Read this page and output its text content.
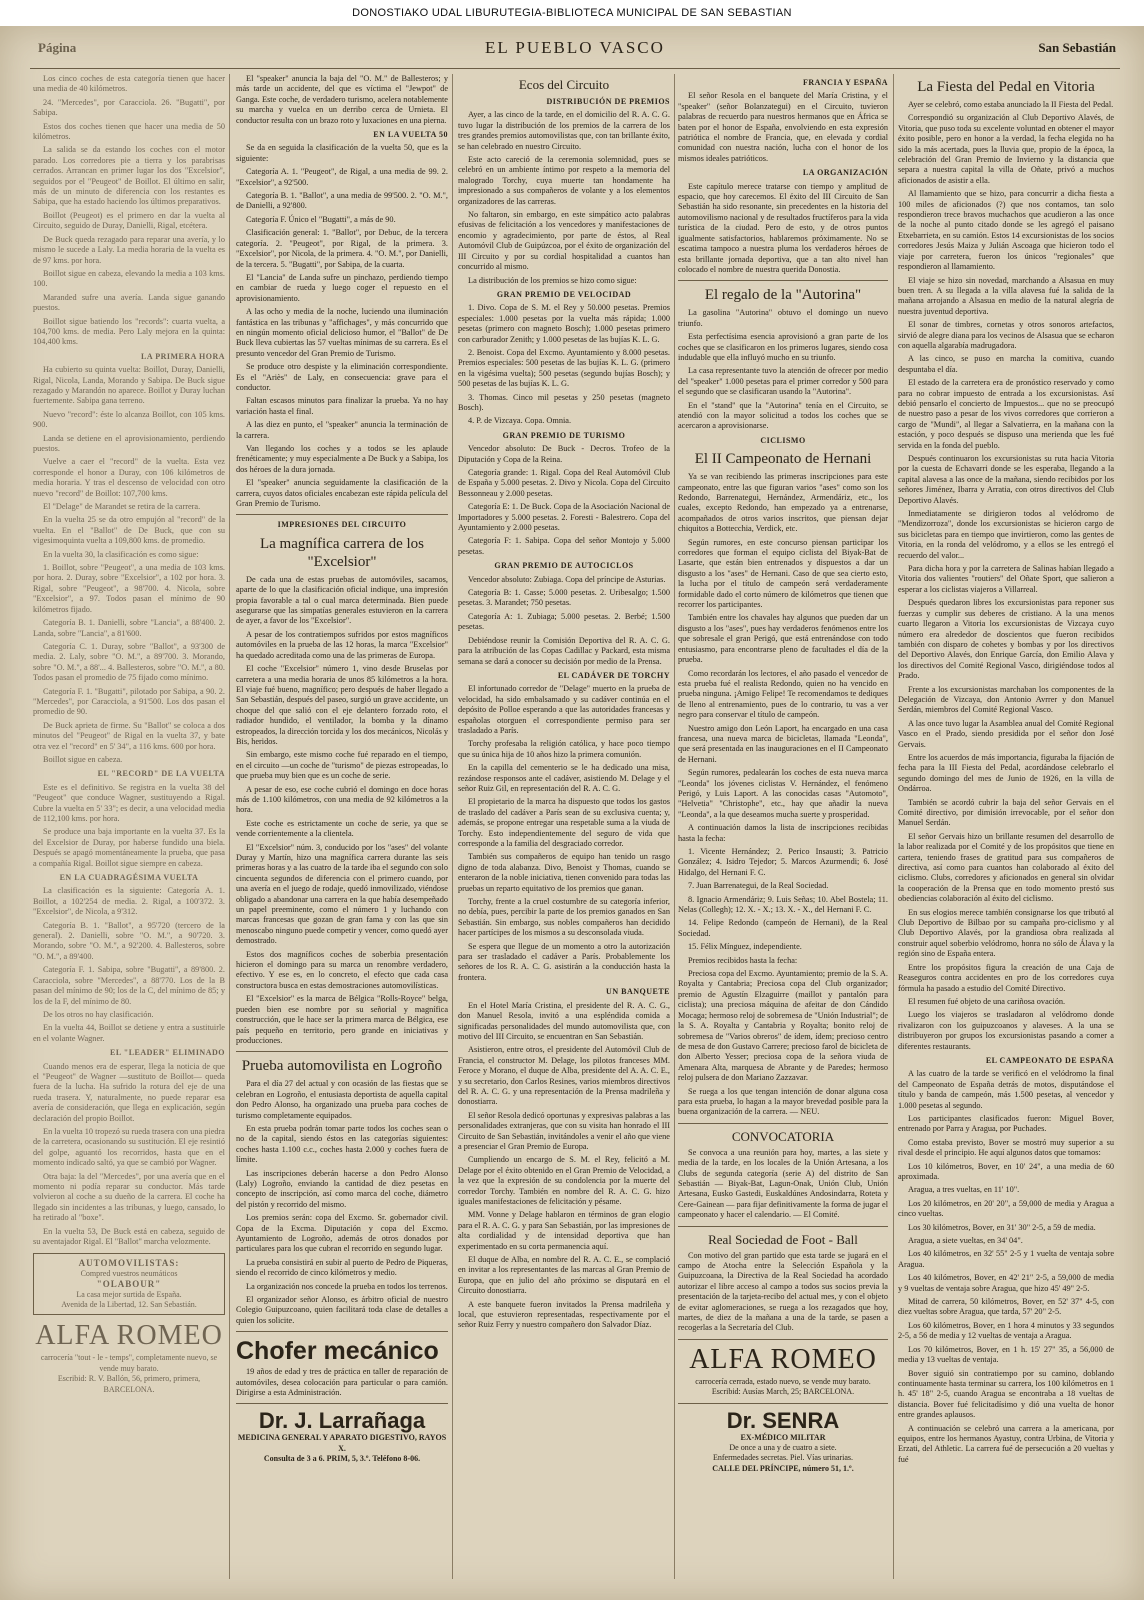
DONOSTIAKO UDAL LIBURUTEGIA-BIBLIOTECA MUNICIPAL DE SAN SEBASTIAN
Página	EL PUEBLO VASCO	San Sebastián

Los cinco coches de esta categoría tienen que hacer una media de 40 kilómetros.

24. "Mercedes", por Caracciola. 26. "Bugatti", por Sabipa.

Estos dos coches tienen que hacer una media de 50 kilómetros.

La salida se da estando los coches con el motor parado. Los corredores pie a tierra y los parabrisas cerrados. Arrancan en primer lugar los dos "Excelsior", seguidos por el "Peugeot" de Boillot. El último en salir, más de un minuto de diferencia con los restantes es Sabipa, que ha estado haciendo los últimos preparativos.

Boillot (Peugeot) es el primero en dar la vuelta al Circuito, seguido de Duray, Danielli, Rigal, etcétera.

De Buck queda rezagado para reparar una avería, y lo mismo le sucede a Laly. La media horaria de la vuelta es de 97 kms. por hora.

Boillot sigue en cabeza, elevando la media a 103 kms. 100.

Maranded sufre una avería. Landa sigue ganando puestos.

Boillot sigue batiendo los "records": cuarta vuelta, a 104,700 kms. de media. Pero Laly mejora en la quinta: 104,400 kms.

LA PRIMERA HORA

Ha cubierto su quinta vuelta: Boillot, Duray, Danielli, Rigal, Nicola, Landa, Morando y Sabipa. De Buck sigue rezagado y Marandón no aparece. Boillot y Duray luchan fuertemente. Sabipa gana terreno.

Nuevo "record": éste lo alcanza Boillot, con 105 kms. 900.

Landa se detiene en el aprovisionamiento, perdiendo puestos.

Vuelve a caer el "record" de la vuelta. Esta vez corresponde el honor a Duray, con 106 kilómetros de media horaria. Y tras el descenso de velocidad con otro nuevo "record" de Boillot: 107,700 kms.

El "Delage" de Marandet se retira de la carrera.

En la vuelta 25 se da otro empujón al "record" de la vuelta. En el "Ballot" de De Buck, que con su vigesimoquinta vuelta a 109,800 kms. de promedio.

En la vuelta 30, la clasificación es como sigue:

1. Boillot, sobre "Peugeot", a una media de 103 kms. por hora. 2. Duray, sobre "Excelsior", a 102 por hora. 3. Rigal, sobre "Peugeot", a 98'700. 4. Nicola, sobre "Excelsior", a 97. Todos pasan el mínimo de 90 kilómetros fijado.

Categoría B. 1. Danielli, sobre "Lancia", a 88'400. 2. Landa, sobre "Lancia", a 81'600.

Categoría C. 1. Duray, sobre "Ballot", a 93'300 de media. 2. Laly, sobre "O. M.", a 89'700. 3. Morando, sobre "O. M.", a 88'... 4. Ballesteros, sobre "O. M.", a 80. Todos pasan el promedio de 75 fijado como mínimo.

Categoría F. 1. "Bugatti", pilotado por Sabipa, a 90. 2. "Mercedes", por Caracciola, a 91'500. Los dos pasan el promedio de 90.

De Buck aprieta de firme. Su "Ballot" se coloca a dos minutos del "Peugeot" de Rigal en la vuelta 37, y bate otra vez el "record" en 5' 34", a 116 kms. 600 por hora.

Boillot sigue en cabeza.

EL "RECORD" DE LA VUELTA

Este es el definitivo. Se registra en la vuelta 38 del "Peugeot" que conduce Wagner, sustituyendo a Rigal. Cubre la vuelta en 5' 33"; es decir, a una velocidad media de 112,100 kms. por hora.

Se produce una baja importante en la vuelta 37. Es la del Excelsior de Duray, por haberse fundido una biela. Después se apagó momentáneamente la prueba, que pasa a compañía Rigal. Boillot sigue siempre en cabeza.

EN LA CUADRAGÉSIMA VUELTA

La clasificación es la siguiente: Categoría A. 1. Boillot, a 102'254 de media. 2. Rigal, a 100'372. 3. "Excelsior", de Nicola, a 9'312.

Categoría B. 1. "Ballot", a 95'720 (tercero de la general). 2. Danielli, sobre "O. M.", a 90'720. 3. Morando, sobre "O. M.", a 92'200. 4. Ballesteros, sobre "O. M.", a 89'400.

Categoría F. 1. Sabipa, sobre "Bugatti", a 89'800. 2. Caracciola, sobre "Mercedes", a 88'770. Los de la B pasan del mínimo de 90; los de la C, del mínimo de 85; y los de la F, del mínimo de 80.

De los otros no hay clasificación.

En la vuelta 44, Boillot se detiene y entra a sustituirle en el volante Wagner.

EL "LEADER" ELIMINADO

Cuando menos era de esperar, llega la noticia de que el "Peugeot" de Wagner —sustituto de Boillot— queda fuera de la lucha. Ha sufrido la rotura del eje de una rueda trasera. Y, naturalmente, no puede reparar esa avería de consideración, que llega en explicación, según declaración del propio Boillot.

En la vuelta 10 tropezó su rueda trasera con una piedra de la carretera, ocasionando su sustitución. El eje resintió del golpe, aguantó los recorridos, hasta que en el momento indicado saltó, ya que se cambió por Wagner.

Otra baja: la del "Mercedes", por una avería que en el momento ni podía reparar su conductor. Más tarde volvieron al coche a su dueño de la carrera. El coche ha llegado sin incidentes a las tribunas, y luego, cansado, lo ha retirado al "boxe".

En la vuelta 53, De Buck está en cabeza, seguido de su aventajador Rigal. El "Ballot" marcha velozmente.

AUTOMOVILISTAS:
Compred vuestros neumáticos
"OLABOUR"
La casa mejor surtida de España.
Avenida de la Libertad, 12. San Sebastián.
ALFA ROMEO
carrocería "tout - le - temps", completamente nuevo, se vende muy barato.
Escribid: R. V. Ballón, 56, primero, primera, BARCELONA.

El "speaker" anuncia la baja del "O. M." de Ballesteros; y más tarde un accidente, del que es víctima el "Jewpot" de Ganga. Este coche, de verdadero turismo, acelera notablemente su marcha y vuelca en un derribo cerca de Urnieta. El conductor resulta con un brazo roto y luxaciones en una pierna.

EN LA VUELTA 50

Se da en seguida la clasificación de la vuelta 50, que es la siguiente:

Categoría A. 1. "Peugeot", de Rigal, a una media de 99. 2. "Excelsior", a 92'500.

Categoría B. 1. "Ballot", a una media de 99'500. 2. "O. M.", de Danielli, a 92'800.

Categoría F. Único el "Bugatti", a más de 90.

Clasificación general: 1. "Ballot", por Debuc, de la tercera categoría. 2. "Peugeot", por Rigal, de la primera. 3. "Excelsior", por Nicola, de la primera. 4. "O. M.", por Danielli, de la tercera. 5. "Bugatti", por Sabipa, de la cuarta.

El "Lancia" de Landa sufre un pinchazo, perdiendo tiempo en cambiar de rueda y luego coger el repuesto en el aprovisionamiento.

A las ocho y media de la noche, luciendo una iluminación fantástica en las tribunas y "affichages", y más concurrido que en ningún momento oficial delicioso humor, el "Ballot" de De Buck lleva cubiertas las 57 vueltas mínimas de su carrera. Es el presunto vencedor del Gran Premio de Turismo.

Se produce otro despiste y la eliminación correspondiente. Es el "Ariès" de Laly, en consecuencia: grave para el conductor.

Faltan escasos minutos para finalizar la prueba. Ya no hay variación hasta el final.

A las diez en punto, el "speaker" anuncia la terminación de la carrera.

Van llegando los coches y a todos se les aplaude frenéticamente; y muy especialmente a De Buck y a Sabipa, los dos héroes de la dura jornada.

El "speaker" anuncia seguidamente la clasificación de la carrera, cuyos datos oficiales encabezan este rápida película del Gran Premio de Turismo.

IMPRESIONES DEL CIRCUITO
La magnífica carrera de los "Excelsior"

De cada una de estas pruebas de automóviles, sacamos, aparte de lo que la clasificación oficial indique, una impresión propia favorable a tal o cual marca determinada. Bien puede asegurarse que las simpatías generales estuvieron en la carrera de ayer, a favor de los "Excelsior".

A pesar de los contratiempos sufridos por estos magníficos automóviles en la prueba de las 12 horas, la marca "Excelsior" ha quedado acreditada como una de las primeras de Europa.

El coche "Excelsior" número 1, vino desde Bruselas por carretera a una media horaria de unos 85 kilómetros a la hora. El viaje fué bueno, magnífico; pero después de haber llegado a San Sebastián, después del paseo, surgió un grave accidente, un choque del que salió con el eje delantero forzado roto, el radiador hundido, el ventilador, la bomba y la dínamo estropeados, la dirección torcida y los dos mecánicos, Nicolás y Bis, heridos.

Sin embargo, este mismo coche fué reparado en el tiempo, en el circuito —un coche de "turismo" de piezas estropeadas, lo que prueba muy bien que es un coche de serie.

A pesar de eso, ese coche cubrió el domingo en doce horas más de 1.100 kilómetros, con una media de 92 kilómetros a la hora.

Este coche es estrictamente un coche de serie, ya que se vende corrientemente a la clientela.

El "Excelsior" núm. 3, conducido por los "ases" del volante Duray y Martín, hizo una magnífica carrera durante las seis primeras horas y a las cuatro de la tarde iba el segundo con solo cincuenta segundos de diferencia con el primero cuando, por una avería en el juego de rodaje, quedó inmovilizado, viéndose obligado a abandonar una carrera en la que había desempeñado un papel preeminente, como el número 1 y luchando con marcas francesas que gozan de gran fama y con las que sin menoscabo ninguno puede competir y vencer, como quedó ayer demostrado.

Estos dos magníficos coches de soberbia presentación hicieron el domingo para su marca un renombre verdadero, efectivo. Y ese es, en lo concreto, el efecto que cada casa constructora busca en estas demostraciones automovilísticas.

El "Excelsior" es la marca de Bélgica "Rolls-Royce" belga, pueden bien ese nombre por su señorial y magnífica construcción, que le hace ser la primera marca de Bélgica, ese país pequeño en territorio, pero grande en iniciativas y producciones.

Prueba automovilista en Logroño

Para el día 27 del actual y con ocasión de las fiestas que se celebran en Logroño, el entusiasta deportista de aquella capital don Pedro Alonso, ha organizado una prueba para coches de turismo completamente equipados.

En esta prueba podrán tomar parte todos los coches sean o no de la capital, siendo éstos en las categorías siguientes: coches hasta 1.100 c.c., coches hasta 2.000 y coches fuera de límite.

Las inscripciones deberán hacerse a don Pedro Alonso (Laly) Logroño, enviando la cantidad de diez pesetas en concepto de inscripción, así como marca del coche, diámetro del pistón y recorrido del mismo.

Los premios serán: copa del Excmo. Sr. gobernador civil. Copa de la Excma. Diputación y copa del Excmo. Ayuntamiento de Logroño, además de otros donados por particulares para los que cubran el recorrido en segundo lugar.

La prueba consistirá en subir al puerto de Pedro de Piqueras, siendo el recorrido de cinco kilómetros y medio.

La organización nos concede la prueba en todos los terrenos.

El organizador señor Alonso, es árbitro oficial de nuestro Colegio Guipuzcoano, quien facilitará toda clase de detalles a quien los solicite.

Chofer mecánico

19 años de edad y tres de práctica en taller de reparación de automóviles, desea colocación para particular o para camión. Dirigirse a esta Administración.

Dr. J. Larrañaga
MEDICINA GENERAL Y APARATO DIGESTIVO, RAYOS X.
Consulta de 3 a 6. PRIM, 5, 3.º. Teléfono 8-06.
Ecos del Circuito
DISTRIBUCIÓN DE PREMIOS

Ayer, a las cinco de la tarde, en el domicilio del R. A. C. G. tuvo lugar la distribución de los premios de la carrera de los tres grandes premios automovilistas que, con tan brillante éxito, se han celebrado en nuestro Circuito.

Este acto careció de la ceremonia solemnidad, pues se celebró en un ambiente íntimo por respeto a la memoria del malogrado Torchy, cuya muerte tan hondamente ha impresionado a sus compañeros de volante y a los elementos organizadores de las carreras.

No faltaron, sin embargo, en este simpático acto palabras efusivas de felicitación a los vencedores y manifestaciones de encomio y agradecimiento, por parte de éstos, al Real Automóvil Club de Guipúzcoa, por el éxito de organización del III Circuito y por su cordial hospitalidad a cuantos han concurrido al mismo.

La distribución de los premios se hizo como sigue:

GRAN PREMIO DE VELOCIDAD

1. Divo. Copa de S. M. el Rey y 50.000 pesetas. Premios especiales: 1.000 pesetas por la vuelta más rápida; 1.000 pesetas (primero con magneto Bosch); 1.000 pesetas primero con carburador Zenith; y 1.000 pesetas de las bujías K. L. G.

2. Benoist. Copa del Excmo. Ayuntamiento y 8.000 pesetas. Premios especiales: 500 pesetas de las bujías K. L. G. (primero en la vigésima vuelta); 500 pesetas (segundo bujías Bosch); y 500 pesetas de las bujías K. L. G.

3. Thomas. Cinco mil pesetas y 250 pesetas (magneto Bosch).

4. P. de Vizcaya. Copa. Omnia.

GRAN PREMIO DE TURISMO

Vencedor absoluto: De Buck - Decros. Trofeo de la Diputación y Copa de la Reina.

Categoría grande: 1. Rigal. Copa del Real Automóvil Club de España y 5.000 pesetas. 2. Divo y Nicola. Copa del Circuito Bessonneau y 2.000 pesetas.

Categoría E: 1. De Buck. Copa de la Asociación Nacional de Importadores y 5.000 pesetas. 2. Foresti - Balestrero. Copa del Ayuntamiento y 2.000 pesetas.

Categoría F: 1. Sabipa. Copa del señor Montojo y 5.000 pesetas.

GRAN PREMIO DE AUTOCICLOS

Vencedor absoluto: Zubiaga. Copa del príncipe de Asturias.

Categoría B: 1. Casse; 5.000 pesetas. 2. Uribesalgo; 1.500 pesetas. 3. Marandet; 750 pesetas.

Categoría A: 1. Zubiaga; 5.000 pesetas. 2. Berbé; 1.500 pesetas.

Debiéndose reunir la Comisión Deportiva del R. A. C. G. para la atribución de las Copas Cadillac y Packard, esta misma semana se dará a conocer su decisión por medio de la Prensa.

EL CADÁVER DE TORCHY

El infortunado corredor de "Delage" muerto en la prueba de velocidad, ha sido embalsamado y su cadáver continúa en el depósito de Polloe esperando a que las autoridades francesas y españolas otorguen el correspondiente permiso para ser trasladado a París.

Torchy profesaba la religión católica, y hace poco tiempo que su única hija de 10 años hizo la primera comunión.

En la capilla del cementerio se le ha dedicado una misa, rezándose responsos ante el cadáver, asistiendo M. Delage y el señor Ruiz Gil, en representación del R. A. C. G.

El propietario de la marca ha dispuesto que todos los gastos de traslado del cadáver a París sean de su exclusiva cuenta; y, además, se propone entregar una respetable suma a la viuda de Torchy. Esto independientemente del seguro de vida que corresponde a la familia del desgraciado corredor.

También sus compañeros de equipo han tenido un rasgo digno de toda alabanza. Divo, Benoist y Thomas, cuando se enteraron de la noble iniciativa, tienen convenido para todas las pruebas un reparto equitativo de los premios que ganan.

Torchy, frente a la cruel costumbre de su categoría inferior, no debía, pues, percibir la parte de los premios ganados en San Sebastián. Sin embargo, sus nobles compañeros han decidido hacer partícipes de los mismos a su desconsolada viuda.

Se espera que llegue de un momento a otro la autorización para ser trasladado el cadáver a París. Probablemente los señores de los R. A. C. G. asistirán a la conducción hasta la frontera.

UN BANQUETE

En el Hotel María Cristina, el presidente del R. A. C. G., don Manuel Resola, invitó a una espléndida comida a significadas personalidades del mundo automovilista que, con motivo del III Circuito, se encuentran en San Sebastián.

Asistieron, entre otros, el presidente del Automóvil Club de Francia, el constructor M. Delage, los pilotos franceses MM. Feroce y Morano, el duque de Alba, presidente del A. A. C. E., y su secretario, don Carlos Resines, varios miembros directivos del R. A. C. G. y una representación de la Prensa madrileña y donostiarra.

El señor Resola dedicó oportunas y expresivas palabras a las personalidades extranjeras, que con su visita han honrado el III Circuito de San Sebastián, invitándoles a venir el año que viene a presenciar el Gran Premio de Europa.

Cumpliendo un encargo de S. M. el Rey, felicitó a M. Delage por el éxito obtenido en el Gran Premio de Velocidad, a la vez que la expresión de su condolencia por la muerte del corredor Torchy. También en nombre del R. A. C. G. hizo iguales manifestaciones de felicitación y pésame.

MM. Vonne y Delage hablaron en términos de gran elogio para el R. A. C. G. y para San Sebastián, por las impresiones de alta cordialidad y de intensidad deportiva que han experimentado en su corta permanencia aquí.

El duque de Alba, en nombre del R. A. C. E., se complació en invitar a los representantes de las marcas al Gran Premio de Europa, que en julio del año próximo se disputará en el Circuito donostiarra.

A este banquete fueron invitados la Prensa madrileña y local, que estuvieron representadas, respectivamente por el señor Ruiz Ferry y nuestro compañero don Salvador Díaz.

FRANCIA Y ESPAÑA

El señor Resola en el banquete del María Cristina, y el "speaker" (señor Bolanzategui) en el Circuito, tuvieron palabras de recuerdo para nuestros hermanos que en África se baten por el honor de España, envolviendo en esta expresión patriótica el nombre de Francia, que, en elevada y cordial comunidad con nuestra nación, lucha con el honor de los mismos ideales patrióticos.

LA ORGANIZACIÓN

Este capítulo merece tratarse con tiempo y amplitud de espacio, que hoy carecemos. El éxito del III Circuito de San Sebastián ha sido resonante, sin precedentes en la historia del automovilismo nacional y de resultados fructíferos para la vida turística de la ciudad. Pero de esto, y de otros puntos igualmente satisfactorios, hablaremos próximamente. No se escatima tampoco a nuestra pluma los verdaderos héroes de esta brillante jornada deportiva, que a tan alto nivel han colocado el nombre de nuestra querida Donostia.

El regalo de la "Autorina"

La gasolina "Autorina" obtuvo el domingo un nuevo triunfo.

Esta perfectísima esencia aprovisionó a gran parte de los coches que se clasificaron en los primeros lugares, siendo cosa indudable que ella influyó mucho en su triunfo.

La casa representante tuvo la atención de ofrecer por medio del "speaker" 1.000 pesetas para el primer corredor y 500 para el segundo que se clasificaran usando la "Autorina".

En el "stand" que la "Autorina" tenía en el Circuito, se atendió con la mayor solicitud a todos los coches que se acercaron a aprovisionarse.

CICLISMO
El II Campeonato de Hernani

Ya se van recibiendo las primeras inscripciones para este campeonato, entre las que figuran varios "ases" como son los Redondo, Barrenategui, Hernández, Armendáriz, etc., los cuales, excepto Redondo, han empezado ya a entrenarse, acompañados de otros varios inscritos, que piensan dejar chiquitos a Bottecchia, Verdick, etc.

Según rumores, en este concurso piensan participar los corredores que forman el equipo ciclista del Biyak-Bat de Lasarte, que están bien entrenados y dispuestos a dar un disgusto a los "ases" de Hernani. Caso de que sea cierto esto, la lucha por el título de campeón será verdaderamente formidable dado el corto número de kilómetros que tienen que recorrer los participantes.

También entre los chavales hay algunos que pueden dar un disgusto a los "ases", pues hay verdaderos fenómenos entre los que sobresale el gran Perigó, que está entrenándose con todo entusiasmo, para encontrarse pleno de facultades el día de la prueba.

Como recordarán los lectores, el año pasado el vencedor de esta prueba fué el realista Redondo, quien no ha vencido en prueba ninguna. ¡Amigo Felipe! Te recomendamos te dediques de lleno al entrenamiento, pues de lo contrario, tu vas a ver negro para conservar el título de campeón.

Nuestro amigo don León Laport, ha encargado en una casa francesa, una nueva marca de bicicletas, llamada "Leonda", que será presentada en las inauguraciones en el II Campeonato de Hernani.

Según rumores, pedalearán los coches de esta nueva marca "Leonda" los jóvenes ciclistas V. Hernández, el fenómeno Perigó, y Luis Laport. A las conocidas casas "Automoto", "Helvetia" "Christophe", etc., hay que añadir la nueva "Leonda", a la que deseamos mucha suerte y prosperidad.

A continuación damos la lista de inscripciones recibidas hasta la fecha:

1. Vicente Hernández; 2. Perico Insausti; 3. Patricio González; 4. Isidro Tejedor; 5. Marcos Azurmendi; 6. José Hidalgo, del Hernani F. C.

7. Juan Barrenategui, de la Real Sociedad.

8. Ignacio Armendáriz; 9. Luis Señas; 10. Abel Bostela; 11. Nelas (Collegh); 12. X. - X.; 13. X. - X., del Hernani F. C.

14. Felipe Redondo (campeón de Hernani), de la Real Sociedad.

15. Félix Mínguez, independiente.

Premios recibidos hasta la fecha:

Preciosa copa del Excmo. Ayuntamiento; premio de la S. A. Royalta y Cantabria; Preciosa copa del Club organizador; premio de Agustín Elzaguirre (maillot y pantalón para ciclista); una preciosa máquina de afeitar de don Cándido Mocaga; hermoso reloj de sobremesa de "Unión Industrial"; de la S. A. Royalta y Cantabria y Royalta; bonito reloj de sobremesa de "Varios obreros" de ídem, ídem; precioso centro de mesa de don Gustavo Carrere; precioso farol de bicicleta de don Alberto Yesser; preciosa copa de la señora viuda de Amenara Alta, marquesa de Abrante y de Paredes; hermoso reloj pulsera de don Mariano Zazzavar.

Se ruega a los que tengan intención de donar alguna cosa para esta prueba, lo hagan a la mayor brevedad posible para la buena organización de la carrera. — NEU.

CONVOCATORIA

Se convoca a una reunión para hoy, martes, a las siete y media de la tarde, en los locales de la Unión Artesana, a los Clubs de segunda categoría (serie A) del distrito de San Sebastián — Biyak-Bat, Lagun-Onak, Unión Club, Unión Artesana, Eusko Gastedi, Euskaldúnes Andosindarra, Roteta y Cere-Gainean — para fijar definitivamente la forma de jugar el campeonato y hacer el calendario. — El Comité.

Real Sociedad de Foot - Ball

Con motivo del gran partido que esta tarde se jugará en el campo de Atocha entre la Selección Española y la Guipuzcoana, la Directiva de la Real Sociedad ha acordado autorizar el libre acceso al campo a todos sus socios previa la presentación de la tarjeta-recibo del actual mes, y con el objeto de evitar aglomeraciones, se ruega a los rezagados que hoy, martes, de diez de la mañana a una de la tarde, se pasen a recogerlas a la Secretaría del Club.

ALFA ROMEO
carrocería cerrada, estado nuevo, se vende muy barato.
Escribid: Ausías March, 25; BARCELONA.
Dr. SENRA
EX-MÉDICO MILITAR
De once a una y de cuatro a siete.
Enfermedades secretas. Piel. Vías urinarias.
CALLE DEL PRÍNCIPE, número 51, 1.º.
La Fiesta del Pedal en Vitoria

Ayer se celebró, como estaba anunciado la II Fiesta del Pedal.

Correspondió su organización al Club Deportivo Alavés, de Vitoria, que puso toda su excelente voluntad en obtener el mayor éxito posible, pero en honor a la verdad, la fecha elegida no ha sido la más acertada, pues la lluvia que, propio de la época, la celebración del Gran Premio de Invierno y la distancia que separa a nuestra capital la villa de Oñate, privó a muchos aficionados de asistir a ella.

Al llamamiento que se hizo, para concurrir a dicha fiesta a 100 miles de aficionados (?) que nos contamos, tan solo respondieron trece bravos muchachos que acudieron a las once de la noche al punto citado donde se les agregó el paisano Etxebarrieta, en su camión. Estos 14 excursionistas de los socios corredores Jesús Maiza y Julián Ascoaga que hicieron todo el viaje por carretera, fueron los únicos "regionales" que respondieron al llamamiento.

El viaje se hizo sin novedad, marchando a Alsasua en muy buen tren. A su llegada a la villa alavesa fué la salida de la mañana arrojando a Alsasua en medio de la natural alegría de nuestra juventud deportiva.

El sonar de timbres, cornetas y otros sonoros artefactos, sirvió de alegre diana para los vecinos de Alsasua que se echaron con aquella algarabía madrugadora.

A las cinco, se puso en marcha la comitiva, cuando despuntaba el día.

El estado de la carretera era de pronóstico reservado y como para no cobrar impuesto de entrada a los excursionistas. Así debió pensarlo el concierto de Impuestos... que no se preocupó de nuestro paso a pesar de los vivos corredores que corrieron a cargo de "Mundi", al llegar a Salvatierra, en la mañana con la estación, y poco después se dispuso una merienda que les fué servida en la fonda del pueblo.

Después continuaron los excursionistas su ruta hacia Vitoria por la cuesta de Echavarri donde se les esperaba, llegando a la capital alavesa a las once de la mañana, siendo recibidos por los señores Jiménez, Ibarra y Arratia, con otros directivos del Club Deportivo Alavés.

Inmediatamente se dirigieron todos al velódromo de "Mendizorroza", donde los excursionistas se hicieron cargo de sus bicicletas para en tiempo que invirtieron, como las gentes de Vitoria, en la ronda del velódromo, y a ellos se les entregó el recuerdo del valor...

Para dicha hora y por la carretera de Salinas habían llegado a Vitoria dos valientes "routiers" del Oñate Sport, que salieron a esperar a los ciclistas viajeros a Villarreal.

Después quedaron libres los excursionistas para reponer sus fuerzas y cumplir sus deberes de cristiano. A la una menos cuarto llegaron a Vitoria los excursionistas de Vizcaya cuyo número era alrededor de doscientos que fueron recibidos también con disparo de cohetes y bombas y por los directivos del Deportivo Alavés, don Enrique García, don Emilio Alava y los directivos del Comité Regional Vasco, dirigiéndose todos al Prado.

Frente a los excursionistas marchaban los componentes de la Delegación de Vizcaya, don Antonio Avrrer y don Manuel Serdán, miembros del Comité Regional Vasco.

A las once tuvo lugar la Asamblea anual del Comité Regional Vasco en el Prado, siendo presidida por el señor don José Gervais.

Entre los acuerdos de más importancia, figuraba la fijación de fecha para la III Fiesta del Pedal, acordándose celebrarlo el segundo domingo del mes de Junio de 1926, en la villa de Ondárroa.

También se acordó cubrir la baja del señor Gervais en el Comité directivo, por dimisión irrevocable, por el señor don Manuel Serdán.

El señor Gervais hizo un brillante resumen del desarrollo de la labor realizada por el Comité y de los propósitos que tiene en cartera, teniendo frases de gratitud para sus compañeros de directiva, así como para cuantos han colaborado al éxito del ciclismo. Clubs, corredores y aficionados en general sin olvidar la cooperación de la Prensa que en todo momento prestó sus obediencias colaboración al éxito del ciclismo.

En sus elogios merece también consignarse los que tributó al Club Deportivo de Bilbao por su campaña pro-ciclismo y al Club Deportivo Alavés, por la grandiosa obra realizada al construir aquel soberbio velódromo, honra no sólo de Álava y la región sino de España entera.

Entre los propósitos figura la creación de una Caja de Reaseguros contra accidentes en pro de los corredores cuya fórmula ha pasado a estudio del Comité Directivo.

El resumen fué objeto de una cariñosa ovación.

Luego los viajeros se trasladaron al velódromo donde rivalizaron con los guipuzcoanos y alaveses. A la una se distribuyeron por grupos los excursionistas pasando a comer a diferentes restaurants.

EL CAMPEONATO DE ESPAÑA

A las cuatro de la tarde se verificó en el velódromo la final del Campeonato de España detrás de motos, disputándose el título y banda de campeón, más 1.500 pesetas, al vencedor y 1.000 pesetas al segundo.

Los participantes clasificados fueron: Miguel Bover, entrenado por Parra y Aragua, por Puchades.

Como estaba previsto, Bover se mostró muy superior a su rival desde el principio. He aquí algunos datos que tomamos:

Los 10 kilómetros, Bover, en 10' 24", a una media de 60 aproximada.

Aragua, a tres vueltas, en 11' 10".

Los 20 kilómetros, en 20' 20", a 59,000 de media y Aragua a cinco vueltas.

Los 30 kilómetros, Bover, en 31' 30" 2-5, a 59 de media.

Aragua, a siete vueltas, en 34' 04".

Los 40 kilómetros, en 32' 55" 2-5 y 1 vuelta de ventaja sobre Aragua.

Los 40 kilómetros, Bover, en 42' 21" 2-5, a 59,000 de media y 9 vueltas de ventaja sobre Aragua, que hizo 45' 49" 2-5.

Mitad de carrera, 50 kilómetros, Bover, en 52' 37" 4-5, con diez vueltas sobre Aragua, que tarda, 57' 20" 2-5.

Los 60 kilómetros, Bover, en 1 hora 4 minutos y 33 segundos 2-5, a 56 de media y 12 vueltas de ventaja a Aragua.

Los 70 kilómetros, Bover, en 1 h. 15' 27" 35, a 56,000 de media y 13 vueltas de ventaja.

Bover siguió sin contratiempo por su camino, doblando continuamente hasta terminar su carrera, los 100 kilómetros en 1 h. 45' 18" 2-5, cuando Aragua se encontraba a 18 vueltas de distancia. Bover fué felicitadísimo y dió una vuelta de honor entre grandes aplausos.

A continuación se celebró una carrera a la americana, por equipos, entre los hermanos Ayastuy, contra Urbina, de Vitoria y Erzati, del Athletic. La carrera fué de persecución a 20 vueltas y fué
